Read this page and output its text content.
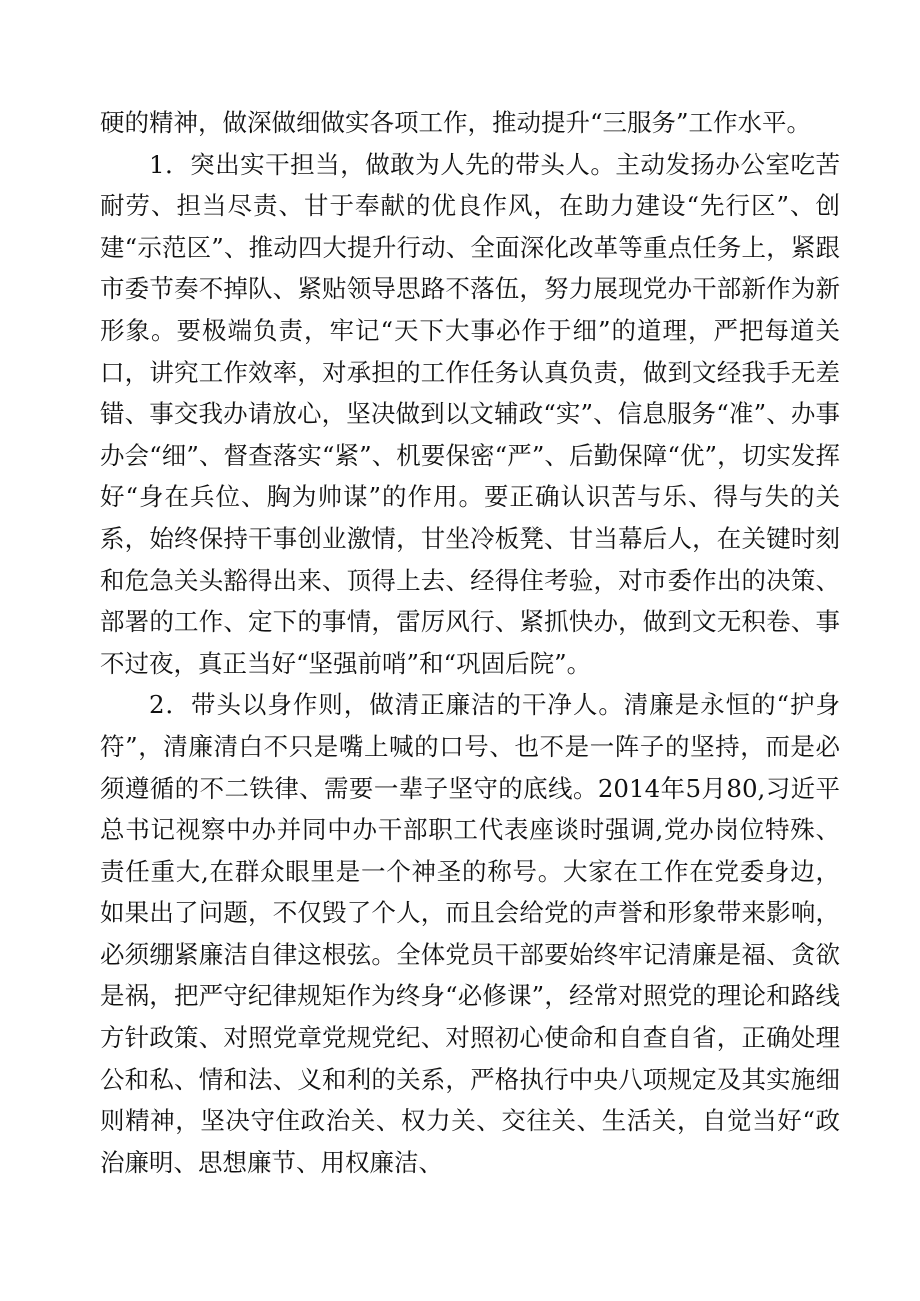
硬的精神，做深做细做实各项工作，推动提升“三服务”工作水平。

1．突出实干担当，做敢为人先的带头人。主动发扬办公室吃苦耐劳、担当尽责、甘于奉献的优良作风，在助力建设“先行区”、创建“示范区”、推动四大提升行动、全面深化改革等重点任务上，紧跟市委节奏不掉队、紧贴领导思路不落伍，努力展现党办干部新作为新形象。要极端负责，牢记“天下大事必作于细”的道理，严把每道关口，讲究工作效率，对承担的工作任务认真负责，做到文经我手无差错、事交我办请放心，坚决做到以文辅政“实”、信息服务“准”、办事办会“细”、督查落实“紧”、机要保密“严”、后勤保障“优”，切实发挥好“身在兵位、胸为帅谋”的作用。要正确认识苦与乐、得与失的关系，始终保持干事创业激情，甘坐冷板凳、甘当幕后人，在关键时刻和危急关头豁得出来、顶得上去、经得住考验，对市委作出的决策、部署的工作、定下的事情，雷厉风行、紧抓快办，做到文无积卷、事不过夜，真正当好“坚强前哨”和“巩固后院”。

2．带头以身作则，做清正廉洁的干净人。清廉是永恒的“护身符”，清廉清白不只是嘴上喊的口号、也不是一阵子的坚持，而是必须遵循的不二铁律、需要一辈子坚守的底线。2014年5月80,习近平总书记视察中办并同中办干部职工代表座谈时强调,党办岗位特殊、责任重大,在群众眼里是一个神圣的称号。大家在工作在党委身边，如果出了问题，不仅毁了个人，而且会给党的声誉和形象带来影响，必须绷紧廉洁自律这根弦。全体党员干部要始终牢记清廉是福、贪欲是祸，把严守纪律规矩作为终身“必修课”，经常对照党的理论和路线方针政策、对照党章党规党纪、对照初心使命和自查自省，正确处理公和私、情和法、义和利的关系，严格执行中央八项规定及其实施细则精神，坚决守住政治关、权力关、交往关、生活关，自觉当好“政治廉明、思想廉节、用权廉洁、
